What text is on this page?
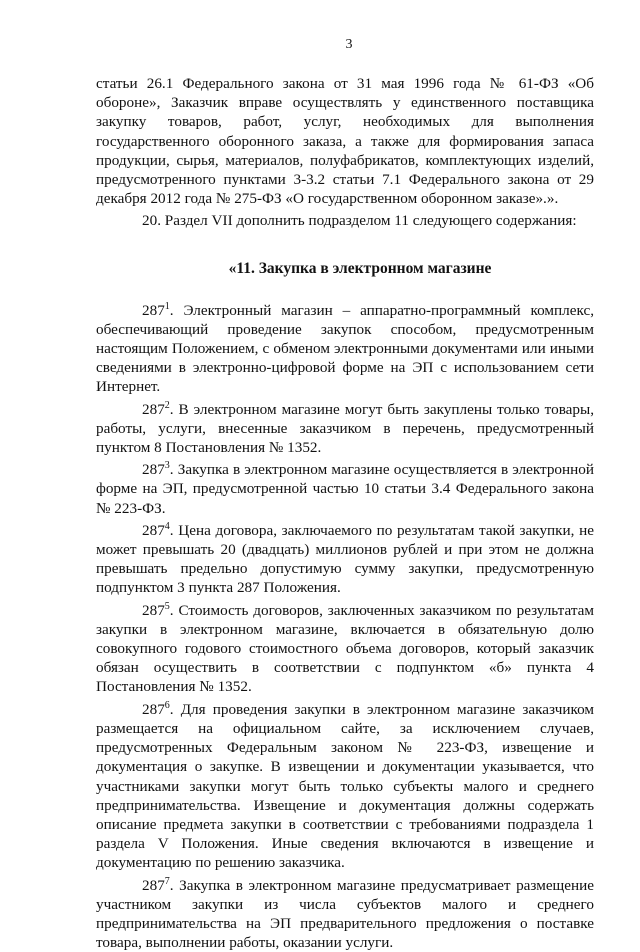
3

статьи 26.1 Федерального закона от 31 мая 1996 года № 61-ФЗ «Об обороне», Заказчик вправе осуществлять у единственного поставщика закупку товаров, работ, услуг, необходимых для выполнения государственного оборонного заказа, а также для формирования запаса продукции, сырья, материалов, полуфабрикатов, комплектующих изделий, предусмотренного пунктами 3-3.2 статьи 7.1 Федерального закона от 29 декабря 2012 года № 275-ФЗ «О государственном оборонном заказе».».

20. Раздел VII дополнить подразделом 11 следующего содержания:

«11. Закупка в электронном магазине

$287^1$. Электронный магазин – аппаратно-программный комплекс, обеспечивающий проведение закупок способом, предусмотренным настоящим Положением, с обменом электронными документами или иными сведениями в электронно-цифровой форме на ЭП с использованием сети Интернет.

$287^2$. В электронном магазине могут быть закуплены только товары, работы, услуги, внесенные заказчиком в перечень, предусмотренный пунктом 8 Постановления № 1352.

$287^3$. Закупка в электронном магазине осуществляется в электронной форме на ЭП, предусмотренной частью 10 статьи 3.4 Федерального закона № 223-ФЗ.

$287^4$. Цена договора, заключаемого по результатам такой закупки, не может превышать 20 (двадцать) миллионов рублей и при этом не должна превышать предельно допустимую сумму закупки, предусмотренную подпунктом 3 пункта 287 Положения.

$287^5$. Стоимость договоров, заключенных заказчиком по результатам закупки в электронном магазине, включается в обязательную долю совокупного годового стоимостного объема договоров, который заказчик обязан осуществить в соответствии с подпунктом «б» пункта 4 Постановления № 1352.

$287^6$. Для проведения закупки в электронном магазине заказчиком размещается на официальном сайте, за исключением случаев, предусмотренных Федеральным законом № 223-ФЗ, извещение и документация о закупке. В извещении и документации указывается, что участниками закупки могут быть только субъекты малого и среднего предпринимательства. Извещение и документация должны содержать описание предмета закупки в соответствии с требованиями подраздела 1 раздела V Положения. Иные сведения включаются в извещение и документацию по решению заказчика.

$287^7$. Закупка в электронном магазине предусматривает размещение участником закупки из числа субъектов малого и среднего предпринимательства на ЭП предварительного предложения о поставке товара, выполнении работы, оказании услуги.
